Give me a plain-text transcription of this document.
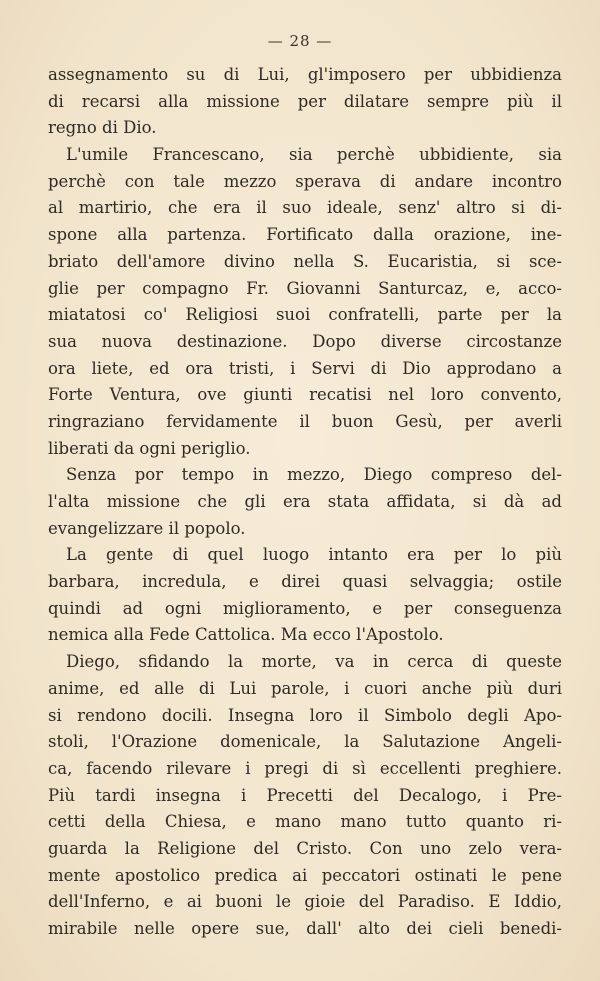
— 28 —
assegnamento su di Lui, gl'imposero per ubbidienza
di recarsi alla missione per dilatare sempre più il
regno di Dio.
L'umile Francescano, sia perchè ubbidiente, sia
perchè con tale mezzo sperava di andare incontro
al martirio, che era il suo ideale, senz' altro si di-
spone alla partenza. Fortificato dalla orazione, ine-
briato dell'amore divino nella S. Eucaristia, si sce-
glie per compagno Fr. Giovanni Santurcaz, e, acco-
miatatosi co' Religiosi suoi confratelli, parte per la
sua nuova destinazione. Dopo diverse circostanze
ora liete, ed ora tristi, i Servi di Dio approdano a
Forte Ventura, ove giunti recatisi nel loro convento,
ringraziano fervidamente il buon Gesù, per averli
liberati da ogni periglio.
Senza por tempo in mezzo, Diego compreso del-
l'alta missione che gli era stata affidata, si dà ad
evangelizzare il popolo.
La gente di quel luogo intanto era per lo più
barbara, incredula, e direi quasi selvaggia; ostile
quindi ad ogni miglioramento, e per conseguenza
nemica alla Fede Cattolica. Ma ecco l'Apostolo.
Diego, sfidando la morte, va in cerca di queste
anime, ed alle di Lui parole, i cuori anche più duri
si rendono docili. Insegna loro il Simbolo degli Apo-
stoli, l'Orazione domenicale, la Salutazione Angeli-
ca, facendo rilevare i pregi di sì eccellenti preghiere.
Più tardi insegna i Precetti del Decalogo, i Pre-
cetti della Chiesa, e mano mano tutto quanto ri-
guarda la Religione del Cristo. Con uno zelo vera-
mente apostolico predica ai peccatori ostinati le pene
dell'Inferno, e ai buoni le gioie del Paradiso. E Iddio,
mirabile nelle opere sue, dall' alto dei cieli benedi-
